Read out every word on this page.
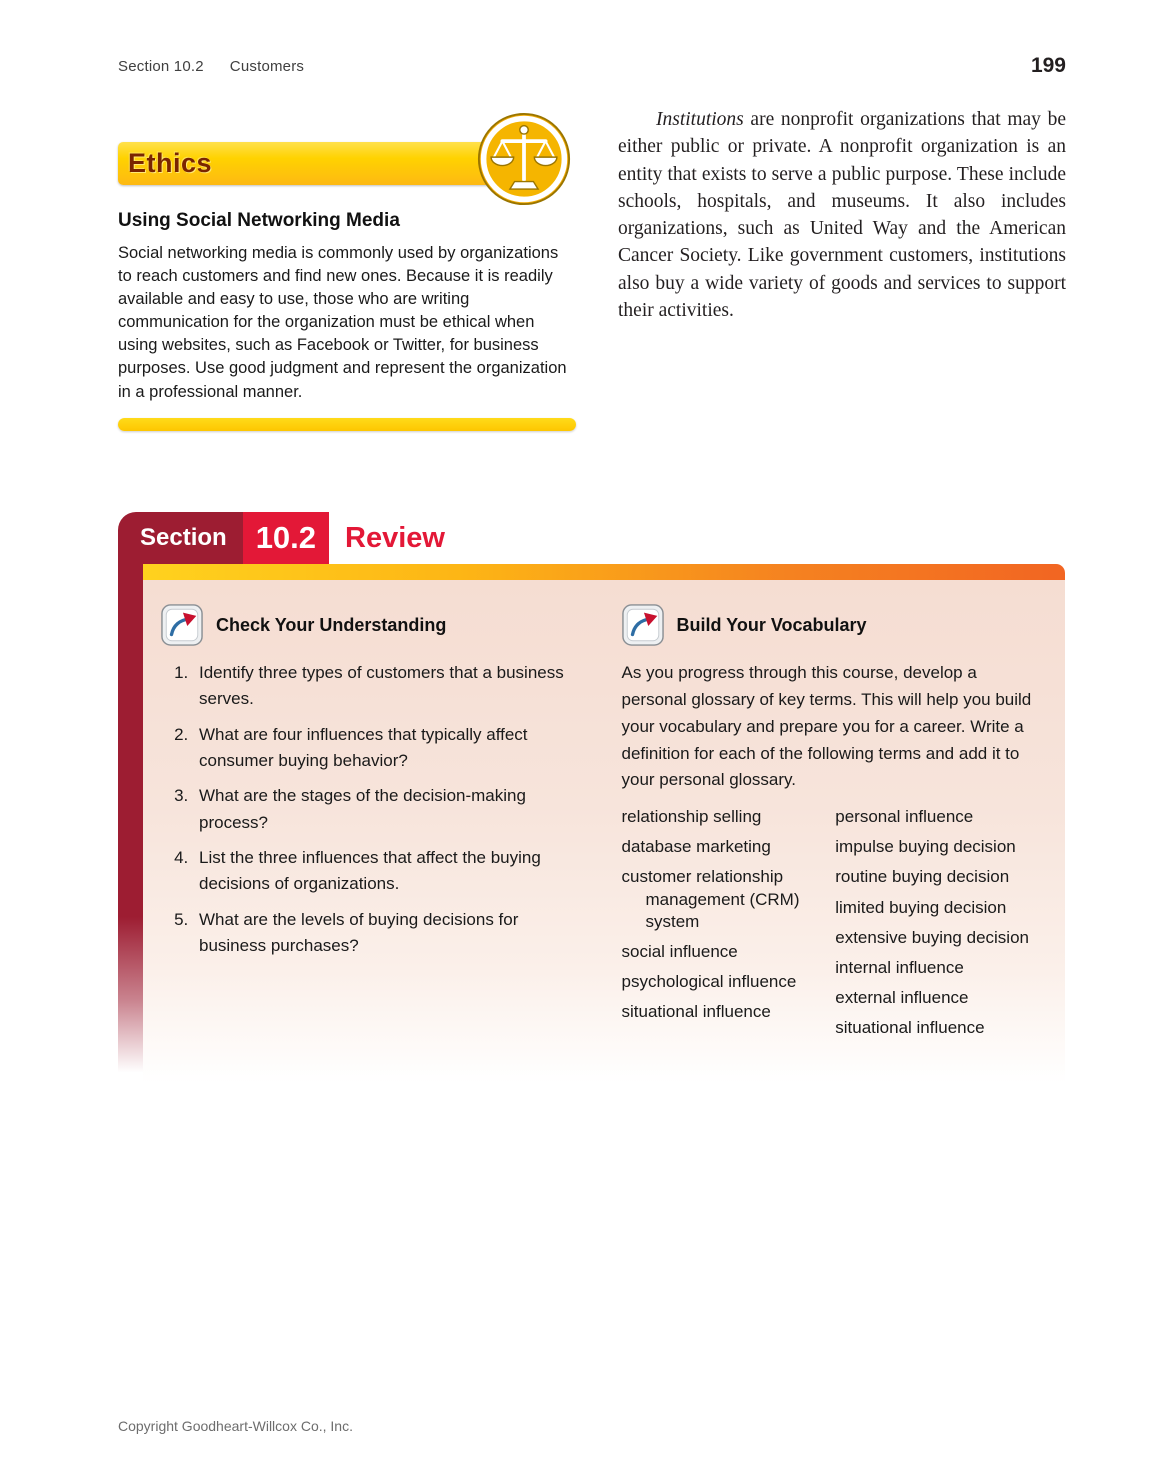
Section 10.2 Customers	199
Ethics
Using Social Networking Media

Social networking media is commonly used by organizations to reach customers and find new ones. Because it is readily available and easy to use, those who are writing communication for the organization must be ethical when using websites, such as Facebook or Twitter, for business purposes. Use good judgment and represent the organization in a professional manner.

Institutions are nonprofit organizations that may be either public or private. A nonprofit organization is an entity that exists to serve a public purpose. These include schools, hospitals, and museums. It also includes organizations, such as United Way and the American Cancer Society. Like government customers, institutions also buy a wide variety of goods and services to support their activities.

Section 10.2	Review
Check Your Understanding
1. Identify three types of customers that a business serves.
2. What are four influences that typically affect consumer buying behavior?
3. What are the stages of the decision-making process?
4. List the three influences that affect the buying decisions of organizations.
5. What are the levels of buying decisions for business purchases?
Build Your Vocabulary

As you progress through this course, develop a personal glossary of key terms. This will help you build your vocabulary and prepare you for a career. Write a definition for each of the following terms and add it to your personal glossary.

relationship selling
database marketing
customer relationship management (CRM) system
social influence
psychological influence
situational influence
personal influence
impulse buying decision
routine buying decision
limited buying decision
extensive buying decision
internal influence
external influence
situational influence
Copyright Goodheart-Willcox Co., Inc.
